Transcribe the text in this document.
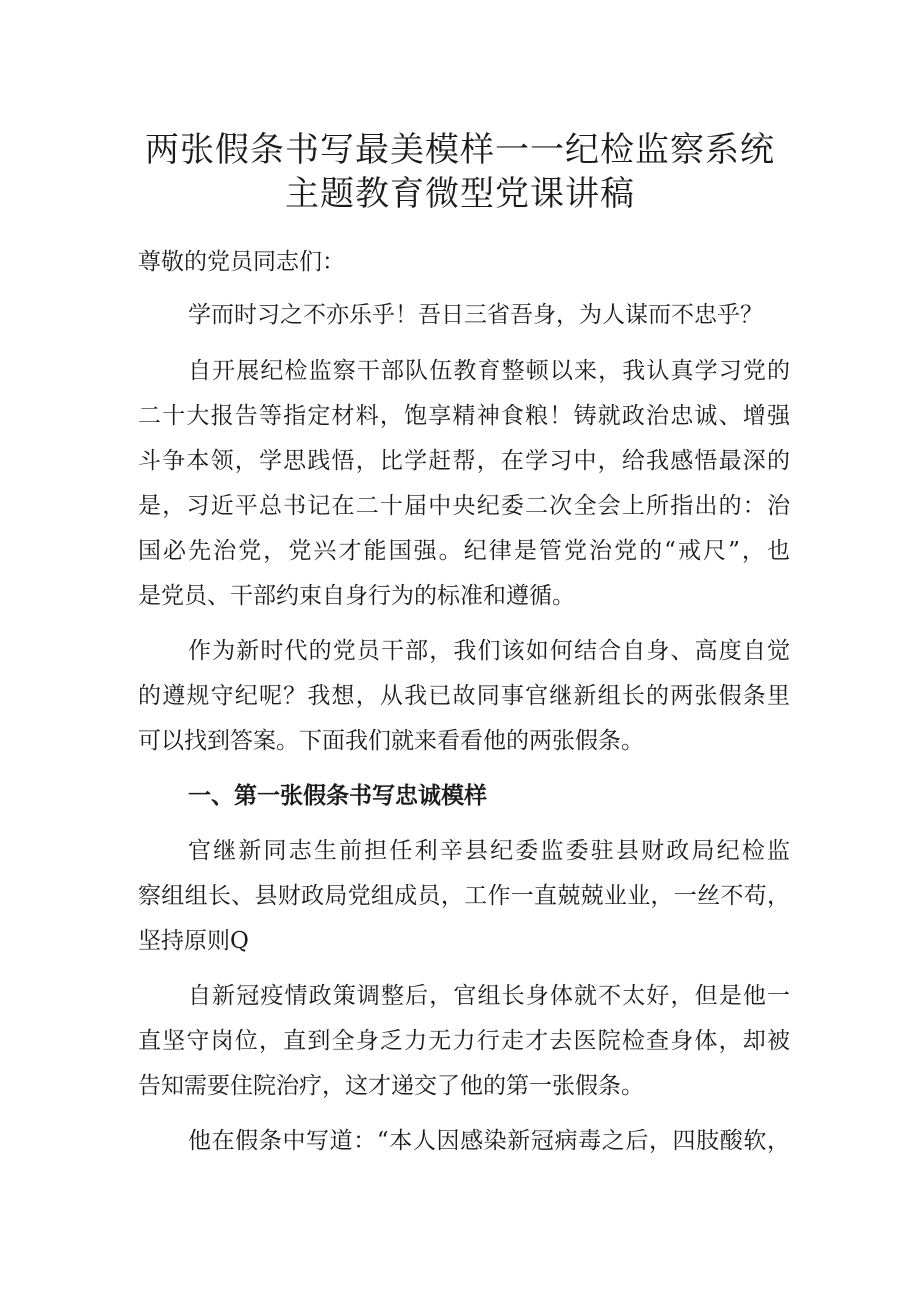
两张假条书写最美模样一一纪检监察系统
主题教育微型党课讲稿
尊敬的党员同志们：
学而时习之不亦乐乎！吾日三省吾身，为人谋而不忠乎？
自开展纪检监察干部队伍教育整顿以来，我认真学习党的
二十大报告等指定材料，饱享精神食粮！铸就政治忠诚、增强
斗争本领，学思践悟，比学赶帮，在学习中，给我感悟最深的
是，习近平总书记在二十届中央纪委二次全会上所指出的：治
国必先治党，党兴才能国强。纪律是管党治党的“戒尺”，也
是党员、干部约束自身行为的标准和遵循。
作为新时代的党员干部，我们该如何结合自身、高度自觉
的遵规守纪呢？我想，从我已故同事官继新组长的两张假条里
可以找到答案。下面我们就来看看他的两张假条。
一、第一张假条书写忠诚模样
官继新同志生前担任利辛县纪委监委驻县财政局纪检监
察组组长、县财政局党组成员，工作一直兢兢业业，一丝不苟，
坚持原则Q
自新冠疫情政策调整后，官组长身体就不太好，但是他一
直坚守岗位，直到全身乏力无力行走才去医院检查身体，却被
告知需要住院治疗，这才递交了他的第一张假条。
他在假条中写道：“本人因感染新冠病毒之后，四肢酸软，
